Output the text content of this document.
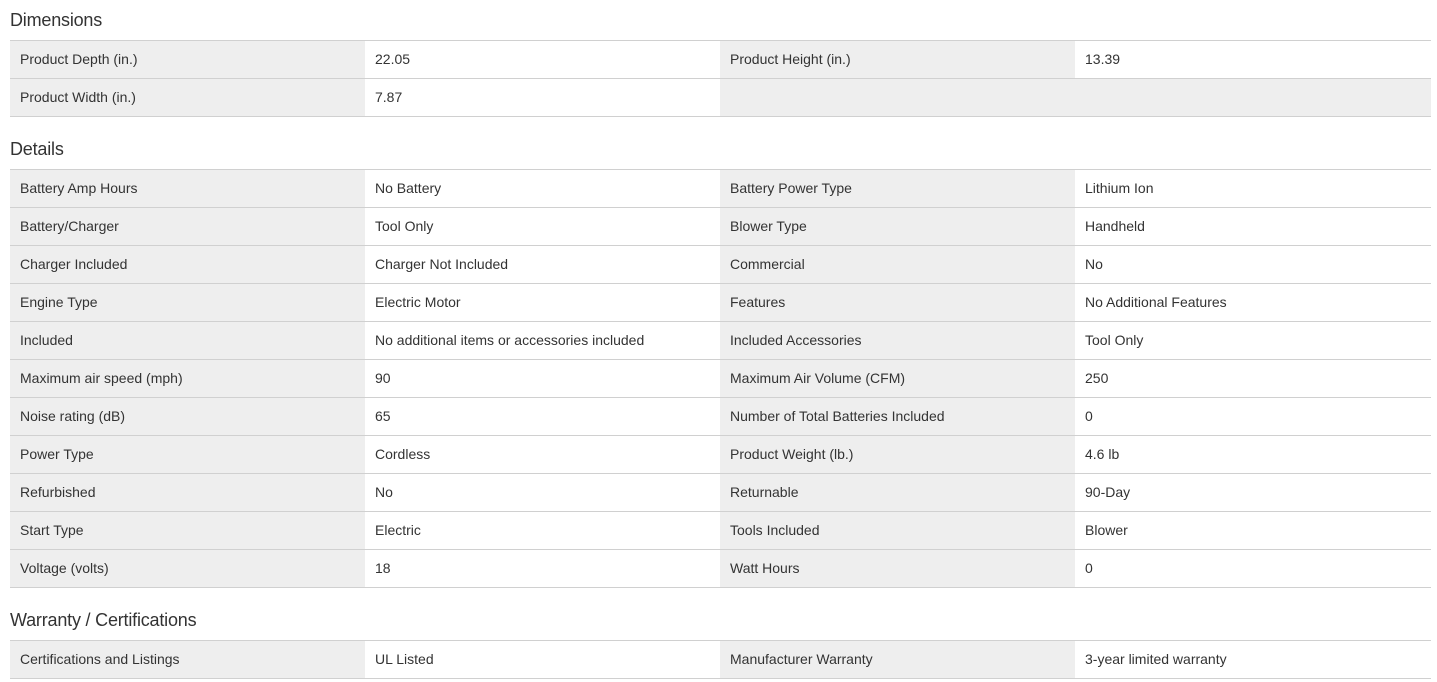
Dimensions
Product Depth (in.)	22.05	Product Height (in.)	13.39
Product Width (in.)	7.87
Details
Battery Amp Hours	No Battery	Battery Power Type	Lithium Ion
Battery/Charger	Tool Only	Blower Type	Handheld
Charger Included	Charger Not Included	Commercial	No
Engine Type	Electric Motor	Features	No Additional Features
Included	No additional items or accessories included	Included Accessories	Tool Only
Maximum air speed (mph)	90	Maximum Air Volume (CFM)	250
Noise rating (dB)	65	Number of Total Batteries Included	0
Power Type	Cordless	Product Weight (lb.)	4.6 lb
Refurbished	No	Returnable	90-Day
Start Type	Electric	Tools Included	Blower
Voltage (volts)	18	Watt Hours	0
Warranty / Certifications
Certifications and Listings	UL Listed	Manufacturer Warranty	3-year limited warranty
